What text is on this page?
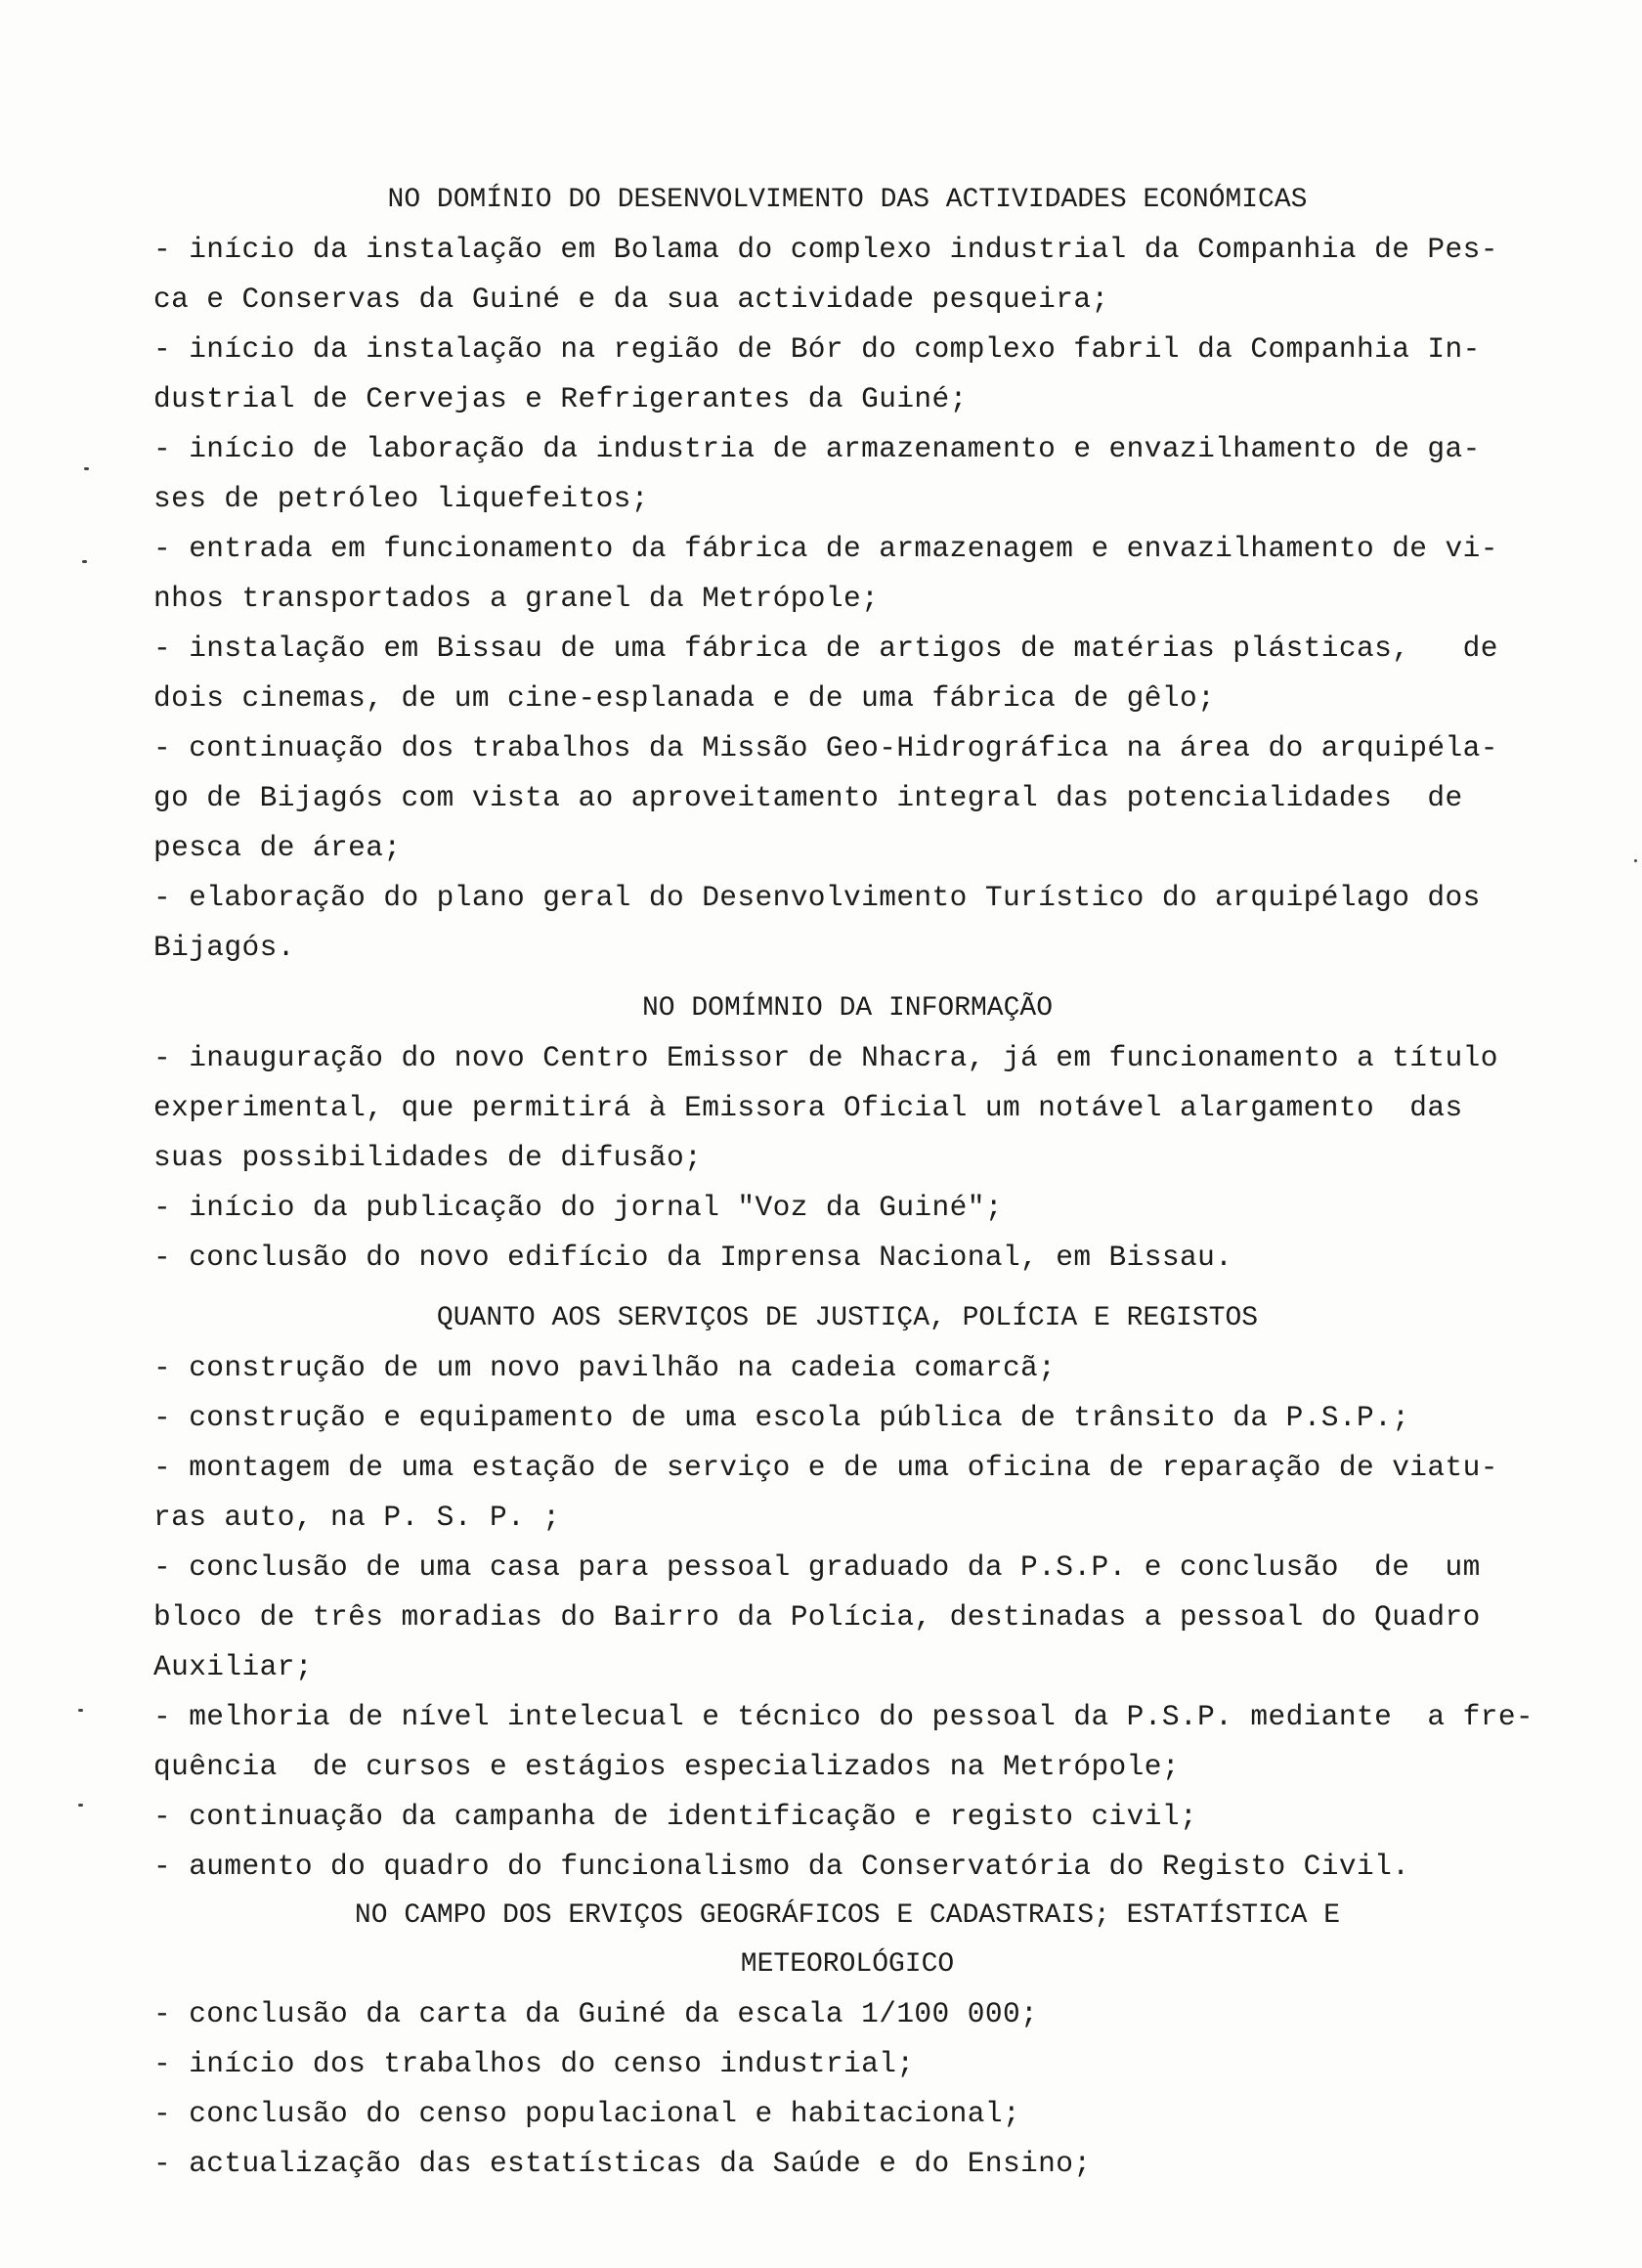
NO DOMÍNIO DO DESENVOLVIMENTO DAS ACTIVIDADES ECONÓMICAS
- início da instalação em Bolama do complexo industrial da Companhia de Pes-
ca e Conservas da Guiné e da sua actividade pesqueira;
- início da instalação na região de Bór do complexo fabril da Companhia In-
dustrial de Cervejas e Refrigerantes da Guiné;
- início de laboração da industria de armazenamento e envazilhamento de ga-
ses de petróleo liquefeitos;
- entrada em funcionamento da fábrica de armazenagem e envazilhamento de vi-
nhos transportados a granel da Metrópole;
- instalação em Bissau de uma fábrica de artigos de matérias plásticas,   de
dois cinemas, de um cine-esplanada e de uma fábrica de gêlo;
- continuação dos trabalhos da Missão Geo-Hidrográfica na área do arquipéla-
go de Bijagós com vista ao aproveitamento integral das potencialidades  de
pesca de área;
- elaboração do plano geral do Desenvolvimento Turístico do arquipélago dos
Bijagós.
NO DOMÍMNIO DA INFORMAÇÃO
- inauguração do novo Centro Emissor de Nhacra, já em funcionamento a título
experimental, que permitirá à Emissora Oficial um notável alargamento  das
suas possibilidades de difusão;
- início da publicação do jornal "Voz da Guiné";
- conclusão do novo edifício da Imprensa Nacional, em Bissau.
QUANTO AOS SERVIÇOS DE JUSTIÇA, POLÍCIA E REGISTOS
- construção de um novo pavilhão na cadeia comarcã;
- construção e equipamento de uma escola pública de trânsito da P.S.P.;
- montagem de uma estação de serviço e de uma oficina de reparação de viatu-
ras auto, na P. S. P. ;
- conclusão de uma casa para pessoal graduado da P.S.P. e conclusão  de  um
bloco de três moradias do Bairro da Polícia, destinadas a pessoal do Quadro
Auxiliar;
- melhoria de nível intelecual e técnico do pessoal da P.S.P. mediante  a fre-
quência  de cursos e estágios especializados na Metrópole;
- continuação da campanha de identificação e registo civil;
- aumento do quadro do funcionalismo da Conservatória do Registo Civil.
NO CAMPO DOS ERVIÇOS GEOGRÁFICOS E CADASTRAIS; ESTATÍSTICA E METEOROLÓGICO
- conclusão da carta da Guiné da escala 1/100 000;
- início dos trabalhos do censo industrial;
- conclusão do censo populacional e habitacional;
- actualização das estatísticas da Saúde e do Ensino;
